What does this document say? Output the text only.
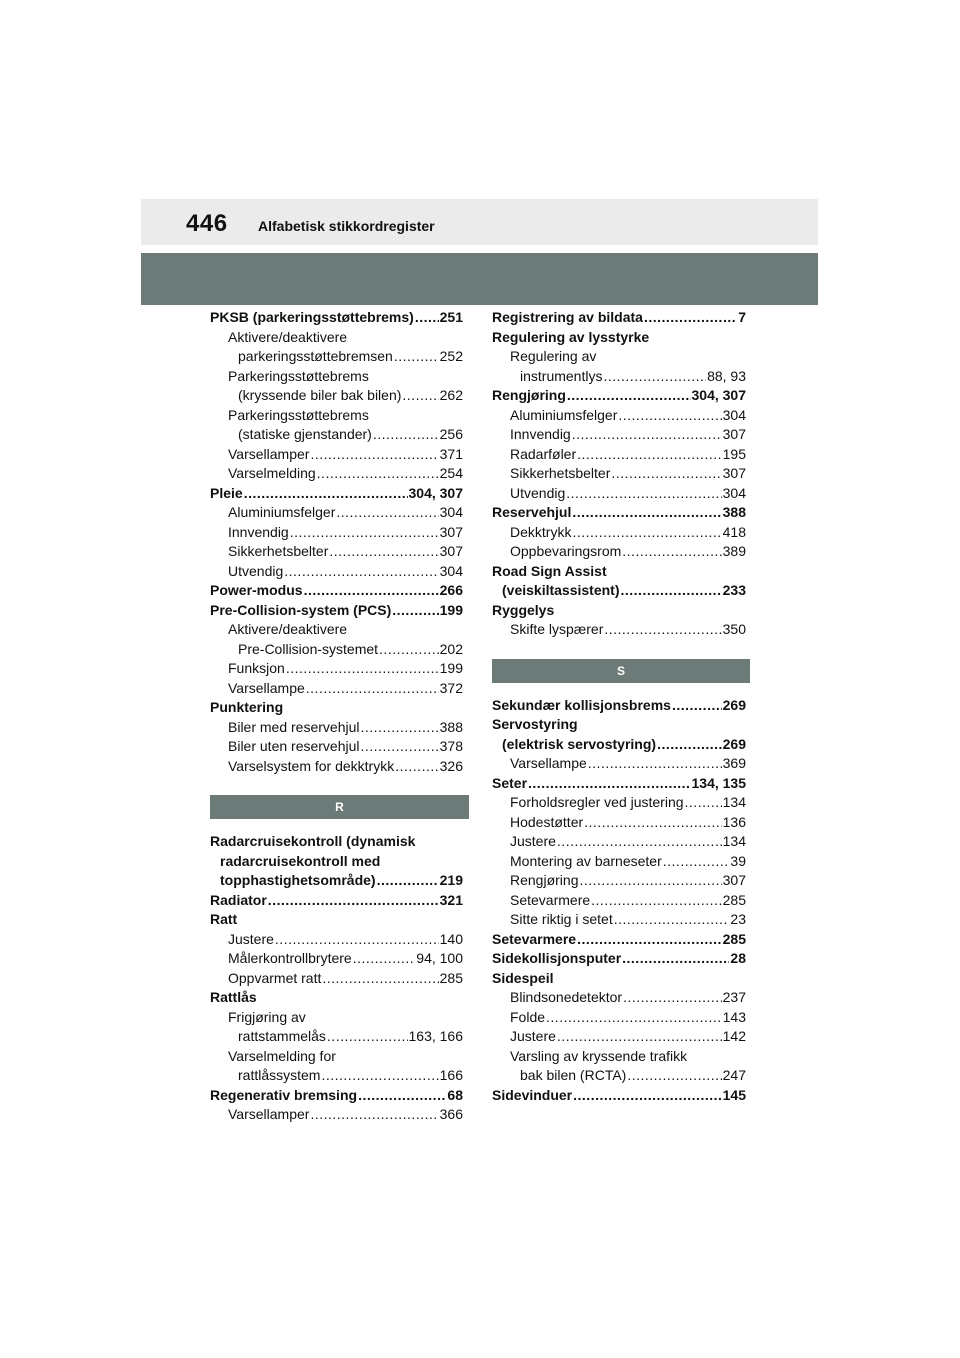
446 Alfabetisk stikkordregister
PKSB (parkeringsstøttebrems) ..... 251
Aktivere/deaktivere
parkeringsstøttebremsen .....	252
Parkeringsstøttebrems
(kryssende biler bak bilen) .....	262
Parkeringsstøttebrems
(statiske gjenstander) .....	256
Varsellamper .....	371
Varselmelding .....	254
Pleie .....	304, 307
Aluminiumsfelger .....	304
Innvendig .....	307
Sikkerhetsbelter .....	307
Utvendig .....	304
Power-modus .....	266
Pre-Collision-system (PCS) .....	199
Aktivere/deaktivere
Pre-Collision-systemet .....	202
Funksjon .....	199
Varsellampe .....	372
Punktering
Biler med reservehjul .....	388
Biler uten reservehjul .....	378
Varselsystem for dekktrykk .....	326
R
Radarcruisekontroll (dynamisk
radarcruisekontroll med
topphastighetsområde) .....	219
Radiator .....	321
Ratt
Justere .....	140
Målerkontrollbrytere .....	94, 100
Oppvarmet ratt .....	285
Rattlås
Frigjøring av
rattstammelås .....	163, 166
Varselmelding for
rattlåssystem .....	166
Regenerativ bremsing .....	68
Varsellamper .....	366
Registrering av bildata .....	7
Regulering av lysstyrke
Regulering av
instrumentlys .....	88, 93
Rengjøring .....	304, 307
Aluminiumsfelger .....	304
Innvendig .....	307
Radarføler .....	195
Sikkerhetsbelter .....	307
Utvendig .....	304
Reservehjul .....	388
Dekktrykk .....	418
Oppbevaringsrom .....	389
Road Sign Assist
(veiskiltassistent) .....	233
Ryggelys
Skifte lyspærer .....	350
S
Sekundær kollisjonsbrems .....	269
Servostyring
(elektrisk servostyring) .....	269
Varsellampe .....	369
Seter .....	134, 135
Forholdsregler ved justering .....	134
Hodestøtter .....	136
Justere .....	134
Montering av barneseter .....	39
Rengjøring .....	307
Setevarmere .....	285
Sitte riktig i setet .....	23
Setevarmere .....	285
Sidekollisjonsputer .....	28
Sidespeil
Blindsonedetektor .....	237
Folde .....	143
Justere .....	142
Varsling av kryssende trafikk
bak bilen (RCTA) .....	247
Sidevinduer .....	145
